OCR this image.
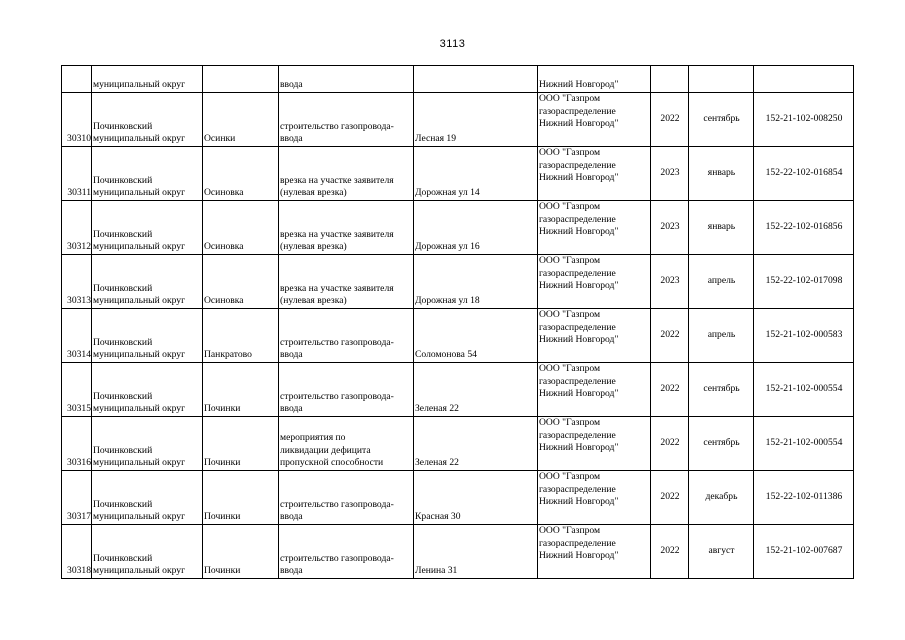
3113

	муниципальный округ		ввода		Нижний Новгород"			

30310	Починковский
муниципальный округ	Осинки	строительство газопровода-
ввода	Лесная 19	ООО "Газпром
газораспределение
Нижний Новгород"	2022	сентябрь	152-21-102-008250
30311	Починковский
муниципальный округ	Осиновка	врезка на участке заявителя
(нулевая врезка)	Дорожная ул 14	ООО "Газпром
газораспределение
Нижний Новгород"	2023	январь	152-22-102-016854
30312	Починковский
муниципальный округ	Осиновка	врезка на участке заявителя
(нулевая врезка)	Дорожная ул 16	ООО "Газпром
газораспределение
Нижний Новгород"	2023	январь	152-22-102-016856
30313	Починковский
муниципальный округ	Осиновка	врезка на участке заявителя
(нулевая врезка)	Дорожная ул 18	ООО "Газпром
газораспределение
Нижний Новгород"	2023	апрель	152-22-102-017098
30314	Починковский
муниципальный округ	Панкратово	строительство газопровода-
ввода	Соломонова 54	ООО "Газпром
газораспределение
Нижний Новгород"	2022	апрель	152-21-102-000583
30315	Починковский
муниципальный округ	Починки	строительство газопровода-
ввода	Зеленая 22	ООО "Газпром
газораспределение
Нижний Новгород"	2022	сентябрь	152-21-102-000554
30316	Починковский
муниципальный округ	Починки	мероприятия по
ликвидации дефицита
пропускной способности	Зеленая 22	ООО "Газпром
газораспределение
Нижний Новгород"	2022	сентябрь	152-21-102-000554
30317	Починковский
муниципальный округ	Починки	строительство газопровода-
ввода	Красная 30	ООО "Газпром
газораспределение
Нижний Новгород"	2022	декабрь	152-22-102-011386
30318	Починковский
муниципальный округ	Починки	строительство газопровода-
ввода	Ленина 31	ООО "Газпром
газораспределение
Нижний Новгород"	2022	август	152-21-102-007687
